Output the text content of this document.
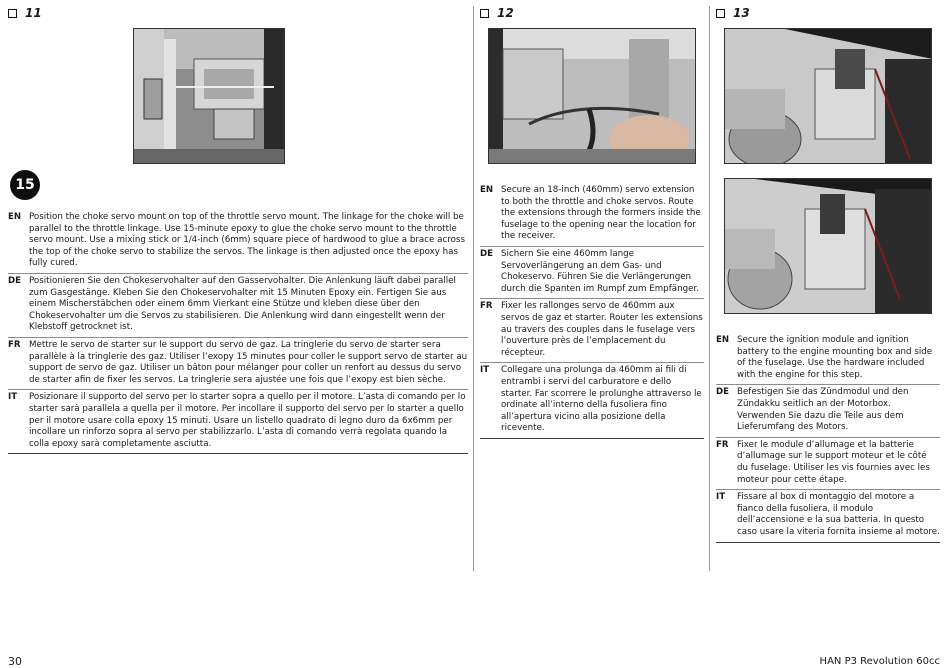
11
15
EN Position the choke servo mount on top of the throttle servo mount. The linkage for the choke will be parallel to the throttle linkage. Use 15-minute epoxy to glue the choke servo mount to the throttle servo mount. Use a mixing stick or 1/4-inch (6mm) square piece of hardwood to glue a brace across the top of the choke servo to stabilize the servos. The linkage is then adjusted once the epoxy has fully cured.
DE Positionieren Sie den Chokeservohalter auf den Gasservohalter. Die Anlenkung läuft dabei parallel zum Gasgestänge. Kleben Sie den Chokeservohalter mit 15 Minuten Epoxy ein. Fertigen Sie aus einem Mischerstäbchen oder einem 6mm Vierkant eine Stütze und kleben diese über den Chokeservohalter um die Servos zu stabilisieren. Die Anlenkung wird dann eingestellt wenn der Klebstoff getrocknet ist.
FR Mettre le servo de starter sur le support du servo de gaz. La tringlerie du servo de starter sera parallèle à la tringlerie des gaz. Utiliser l’exopy 15 minutes pour coller le support servo de starter au support de servo de gaz. Utiliser un bâton pour mélanger pour coller un renfort au dessus du servo de starter afin de fixer les servos. La tringlerie sera ajustée une fois que l’exopy est bien sèche.
IT	Posizionare il supporto del servo per lo starter sopra a quello per il motore. L’asta di comando per lo starter sarà parallela a quella per il motore. Per incollare il supporto del servo per lo starter a quello per il motore usare colla epoxy 15 minuti. Usare un listello quadrato di legno duro da 6x6mm per incollare un rinforzo sopra al servo per stabilizzarlo. L’asta di comando verrà regolata quando la colla epoxy sarà completamente asciutta.
12
EN Secure an 18-inch (460mm) servo extension to both the throttle and choke servos. Route the extensions through the formers inside the fuselage to the opening near the location for the receiver.
DE Sichern Sie eine 460mm lange Servoverlängerung an dem Gas- und Chokeservo. Führen Sie die Verlängerungen durch die Spanten im Rumpf zum Empfänger.
FR Fixer les rallonges servo de 460mm aux servos de gaz et starter. Router les extensions au travers des couples dans le fuselage vers l’ouverture près de l’emplacement du récepteur.
IT	Collegare una prolunga da 460mm ai fili di entrambi i servi del carburatore e dello starter. Far scorrere le prolunghe attraverso le ordinate all’interno della fusoliera fino all’apertura vicino alla posizione della ricevente.
13
EN Secure the ignition module and ignition battery to the engine mounting box and side of the fuselage. Use the hardware included with the engine for this step.
DE Befestigen Sie das Zündmodul und den Zündakku seitlich an der Motorbox. Verwenden Sie dazu die Teile aus dem Lieferumfang des Motors.
FR Fixer le module d’allumage et la batterie d’allumage sur le support moteur et le côté du fuselage. Utiliser les vis fournies avec les moteur pour cette étape.
IT	Fissare al box di montaggio del motore a fianco della fusoliera, il modulo dell’accensione e la sua batteria. In questo caso usare la viteria fornita insieme al motore.
30	HAN P3 Revolution 60cc
